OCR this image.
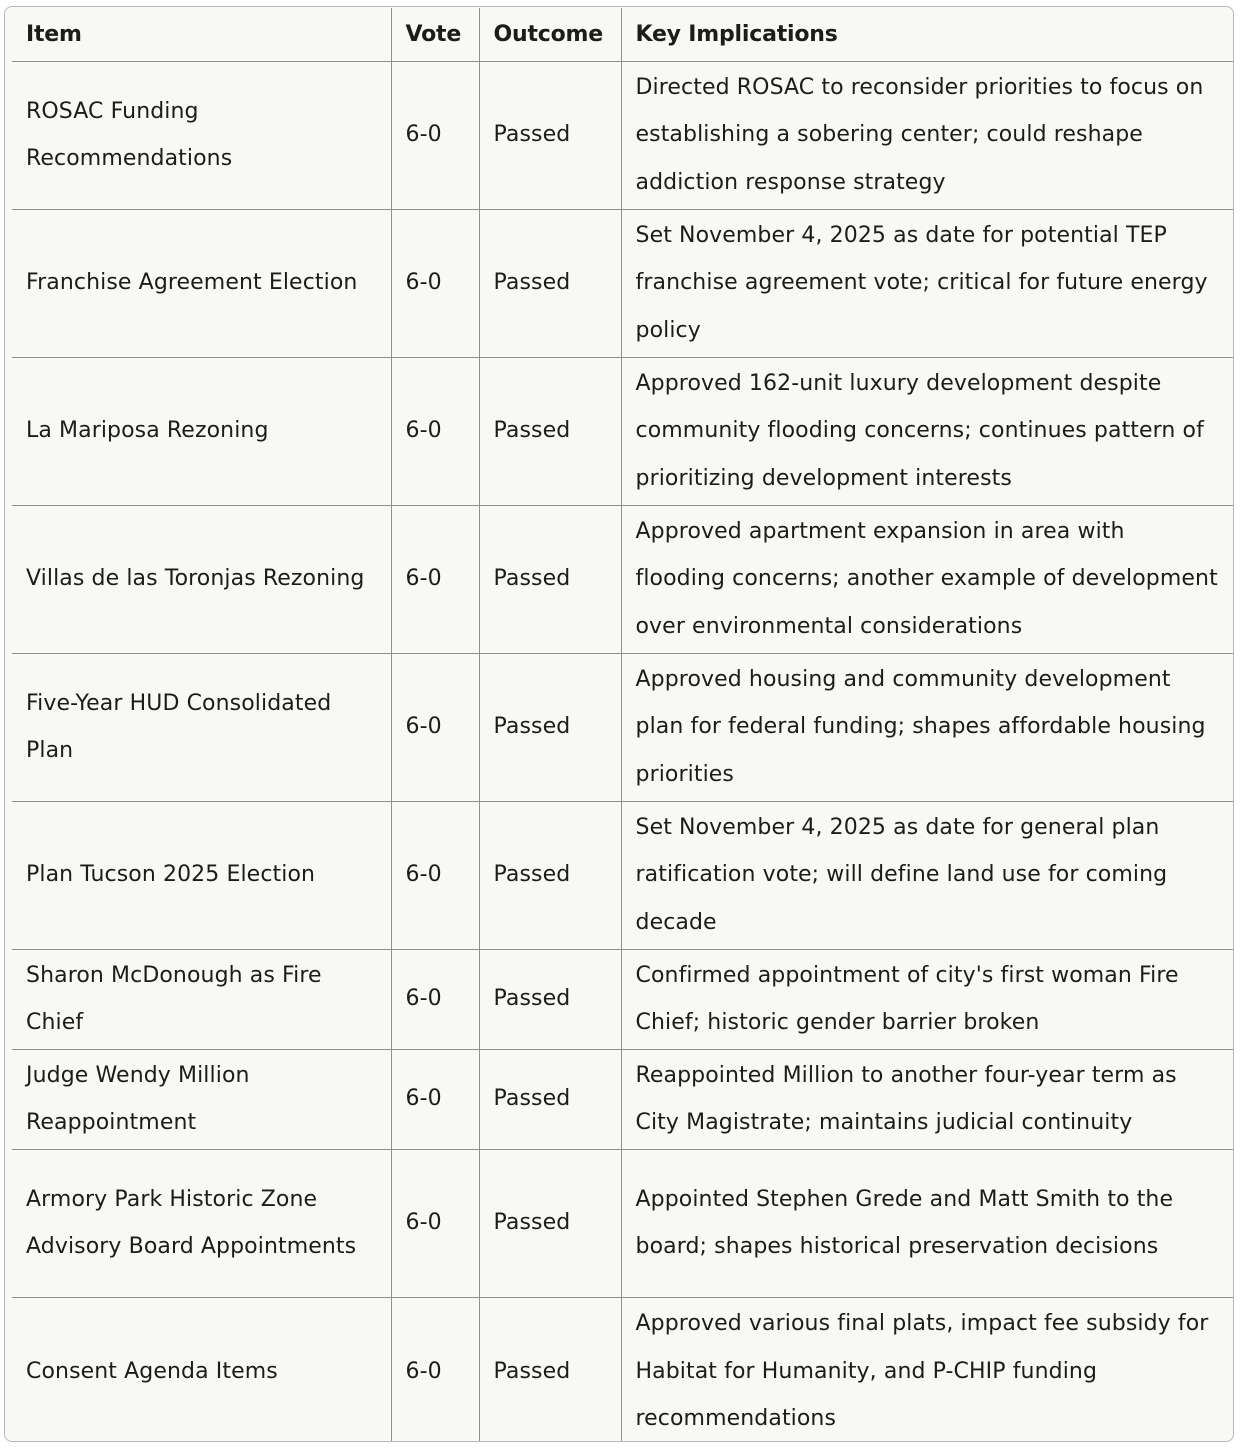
Item	Vote	Outcome	Key Implications
ROSAC Funding Recommendations	6-0	Passed	Directed ROSAC to reconsider priorities to focus on establishing a sobering center; could reshape addiction response strategy
Franchise Agreement Election	6-0	Passed	Set November 4, 2025 as date for potential TEP franchise agreement vote; critical for future energy policy
La Mariposa Rezoning	6-0	Passed	Approved 162-unit luxury development despite community flooding concerns; continues pattern of prioritizing development interests
Villas de las Toronjas Rezoning	6-0	Passed	Approved apartment expansion in area with flooding concerns; another example of development over environmental considerations
Five-Year HUD Consolidated Plan	6-0	Passed	Approved housing and community development plan for federal funding; shapes affordable housing priorities
Plan Tucson 2025 Election	6-0	Passed	Set November 4, 2025 as date for general plan ratification vote; will define land use for coming decade
Sharon McDonough as Fire Chief	6-0	Passed	Confirmed appointment of city's first woman Fire Chief; historic gender barrier broken
Judge Wendy Million Reappointment	6-0	Passed	Reappointed Million to another four-year term as City Magistrate; maintains judicial continuity
Armory Park Historic Zone Advisory Board Appointments	6-0	Passed	Appointed Stephen Grede and Matt Smith to the board; shapes historical preservation decisions
Consent Agenda Items	6-0	Passed	Approved various final plats, impact fee subsidy for Habitat for Humanity, and P-CHIP funding recommendations
